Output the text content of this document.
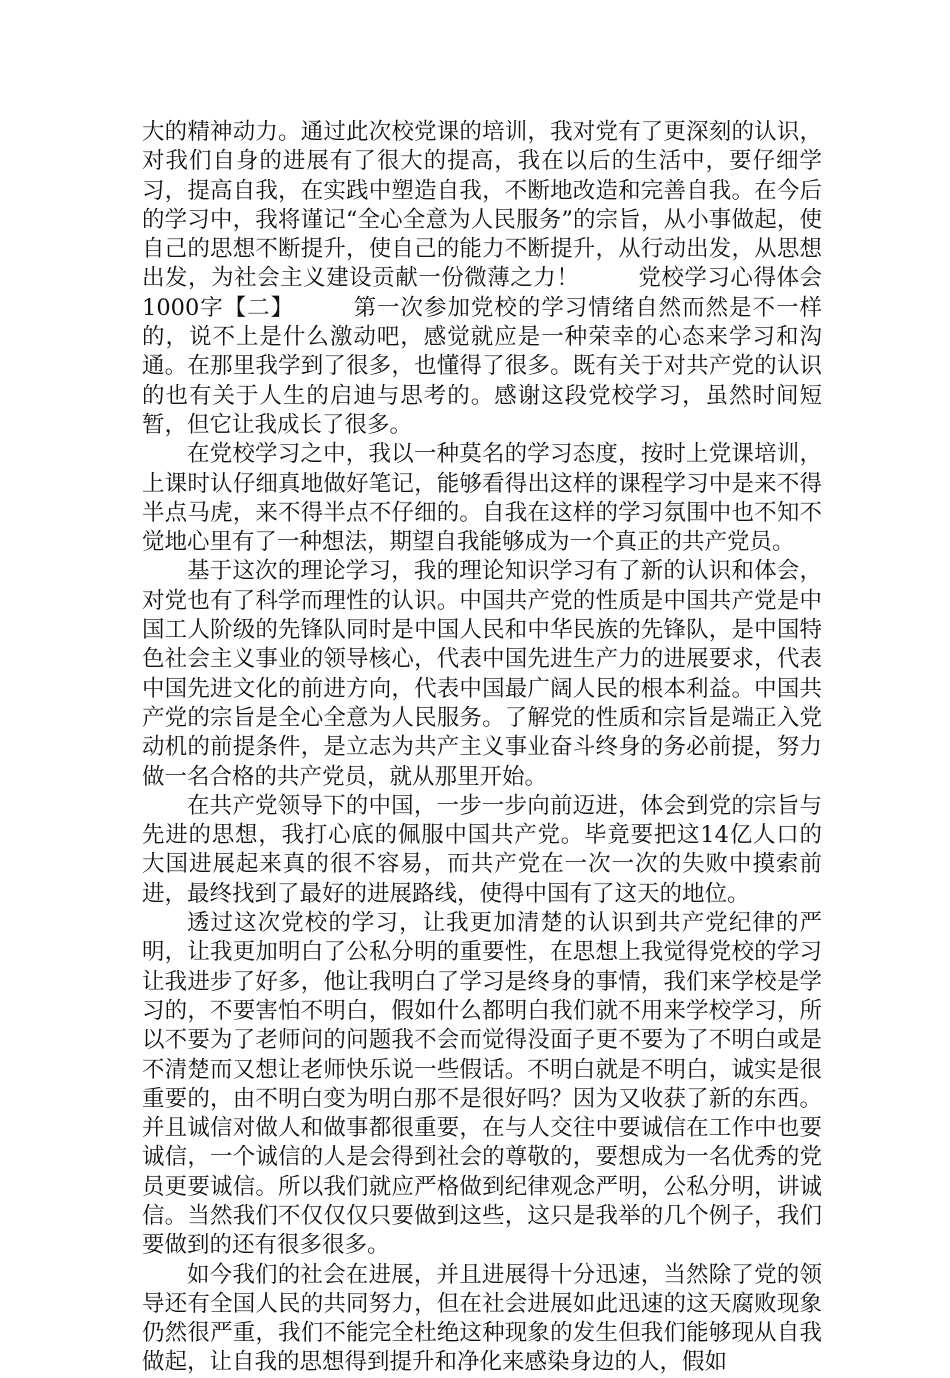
大的精神动力。通过此次校党课的培训，我对党有了更深刻的认识，对我们自身的进展有了很大的提高，我在以后的生活中，要仔细学习，提高自我，在实践中塑造自我，不断地改造和完善自我。在今后的学习中，我将谨记“全心全意为人民服务”的宗旨，从小事做起，使自己的思想不断提升，使自己的能力不断提升，从行动出发，从思想出发，为社会主义建设贡献一份微薄之力！	党校学习心得体会1000字【二】	第一次参加党校的学习情绪自然而然是不一样的，说不上是什么激动吧，感觉就应是一种荣幸的心态来学习和沟通。在那里我学到了很多，也懂得了很多。既有关于对共产党的认识的也有关于人生的启迪与思考的。感谢这段党校学习，虽然时间短暂，但它让我成长了很多。

在党校学习之中，我以一种莫名的学习态度，按时上党课培训，上课时认仔细真地做好笔记，能够看得出这样的课程学习中是来不得半点马虎，来不得半点不仔细的。自我在这样的学习氛围中也不知不觉地心里有了一种想法，期望自我能够成为一个真正的共产党员。

基于这次的理论学习，我的理论知识学习有了新的认识和体会，对党也有了科学而理性的认识。中国共产党的性质是中国共产党是中国工人阶级的先锋队同时是中国人民和中华民族的先锋队，是中国特色社会主义事业的领导核心，代表中国先进生产力的进展要求，代表中国先进文化的前进方向，代表中国最广阔人民的根本利益。中国共产党的宗旨是全心全意为人民服务。了解党的性质和宗旨是端正入党动机的前提条件，是立志为共产主义事业奋斗终身的务必前提，努力做一名合格的共产党员，就从那里开始。

在共产党领导下的中国，一步一步向前迈进，体会到党的宗旨与先进的思想，我打心底的佩服中国共产党。毕竟要把这14亿人口的大国进展起来真的很不容易，而共产党在一次一次的失败中摸索前进，最终找到了最好的进展路线，使得中国有了这天的地位。

透过这次党校的学习，让我更加清楚的认识到共产党纪律的严明，让我更加明白了公私分明的重要性，在思想上我觉得党校的学习让我进步了好多，他让我明白了学习是终身的事情，我们来学校是学习的，不要害怕不明白，假如什么都明白我们就不用来学校学习，所以不要为了老师问的问题我不会而觉得没面子更不要为了不明白或是不清楚而又想让老师快乐说一些假话。不明白就是不明白，诚实是很重要的，由不明白变为明白那不是很好吗？因为又收获了新的东西。并且诚信对做人和做事都很重要，在与人交往中要诚信在工作中也要诚信，一个诚信的人是会得到社会的尊敬的，要想成为一名优秀的党员更要诚信。所以我们就应严格做到纪律观念严明，公私分明，讲诚信。当然我们不仅仅仅只要做到这些，这只是我举的几个例子，我们要做到的还有很多很多。

如今我们的社会在进展，并且进展得十分迅速，当然除了党的领导还有全国人民的共同努力，但在社会进展如此迅速的这天腐败现象仍然很严重，我们不能完全杜绝这种现象的发生但我们能够现从自我做起，让自我的思想得到提升和净化来感染身边的人，假如
